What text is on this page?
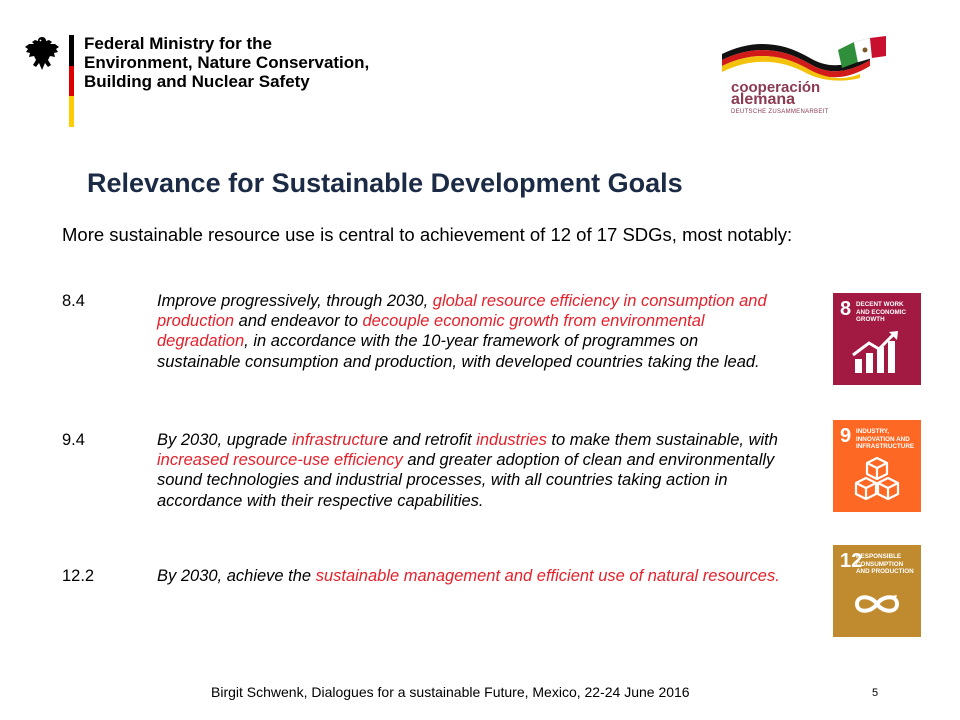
Federal Ministry for the
Environment, Nature Conservation,
Building and Nuclear Safety	cooperación
alemana
DEUTSCHE ZUSAMMENARBEIT
Relevance for Sustainable Development Goals
More sustainable resource use is central to achievement of 12 of 17 SDGs, most notably:
8.4	Improve progressively, through 2030, global resource efficiency in consumption and production and endeavor to decouple economic growth from environmental degradation, in accordance with the 10-year framework of programmes on sustainable consumption and production, with developed countries taking the lead.
9.4	By 2030, upgrade infrastructure and retrofit industries to make them sustainable, with increased resource-use efficiency and greater adoption of clean and environmentally sound technologies and industrial processes, with all countries taking action in accordance with their respective capabilities.
12.2	By 2030, achieve the sustainable management and efficient use of natural resources.
8 DECENT WORK AND ECONOMIC GROWTH
9 INDUSTRY, INNOVATION AND INFRASTRUCTURE
12
RESPONSIBLE CONSUMPTION AND PRODUCTION
Birgit Schwenk, Dialogues for a sustainable Future, Mexico, 22-24 June 2016	5
